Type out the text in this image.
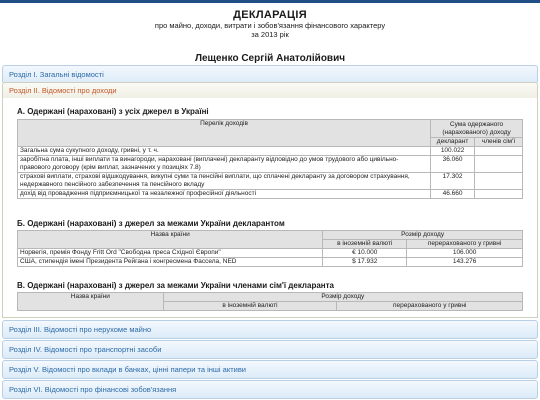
ДЕКЛАРАЦІЯ
про майно, доходи, витрати і зобов'язання фінансового характеру
за 2013 рік
Лещенко Сергій Анатолійович
Розділ I. Загальні відомості
Розділ II. Відомості про доходи
А. Одержані (нараховані) з усіх джерел в Україні
Перелік доходів	Сума одержаного (нарахованого) доходу	
	декларант	членів сім'ї
Загальна сума сукупного доходу, гривні, у т. ч.	100.022	
заробітна плата, інші виплати та винагороди, нараховані (виплачені) декларанту відповідно до умов трудового або цивільно-правового договору (крім виплат, зазначених у позиціях 7.8)	36.060	
страхові виплати, страхові відшкодування, викупні суми та пенсійні виплати, що сплачені декларанту за договором страхування, недержавного пенсійного забезпечення та пенсійного вкладу	17.302	
дохід від провадження підприємницької та незалежної професійної діяльності	46.660	
Б. Одержані (нараховані) з джерел за межами України декларантом
Назва країни	Розмір доходу	
	в іноземній валюті	перерахованого у гривні
Норвегія, премія Фонду Fritt Ord "Свободна преса Східної Європи"	€ 10.000	106.000
США, стипендія імені Президента Рейгана і конгресмена Фассела, NED	$ 17.932	143.276
В. Одержані (нараховані) з джерел за межами України членами сім'ї декларанта
Назва країни	Розмір доходу	
	в іноземній валюті	перерахованого у гривні
Розділ III. Відомості про нерухоме майно
Розділ IV. Відомості про транспортні засоби
Розділ V. Відомості про вклади в банках, цінні папери та інші активи
Розділ VI. Відомості про фінансові зобов'язання
